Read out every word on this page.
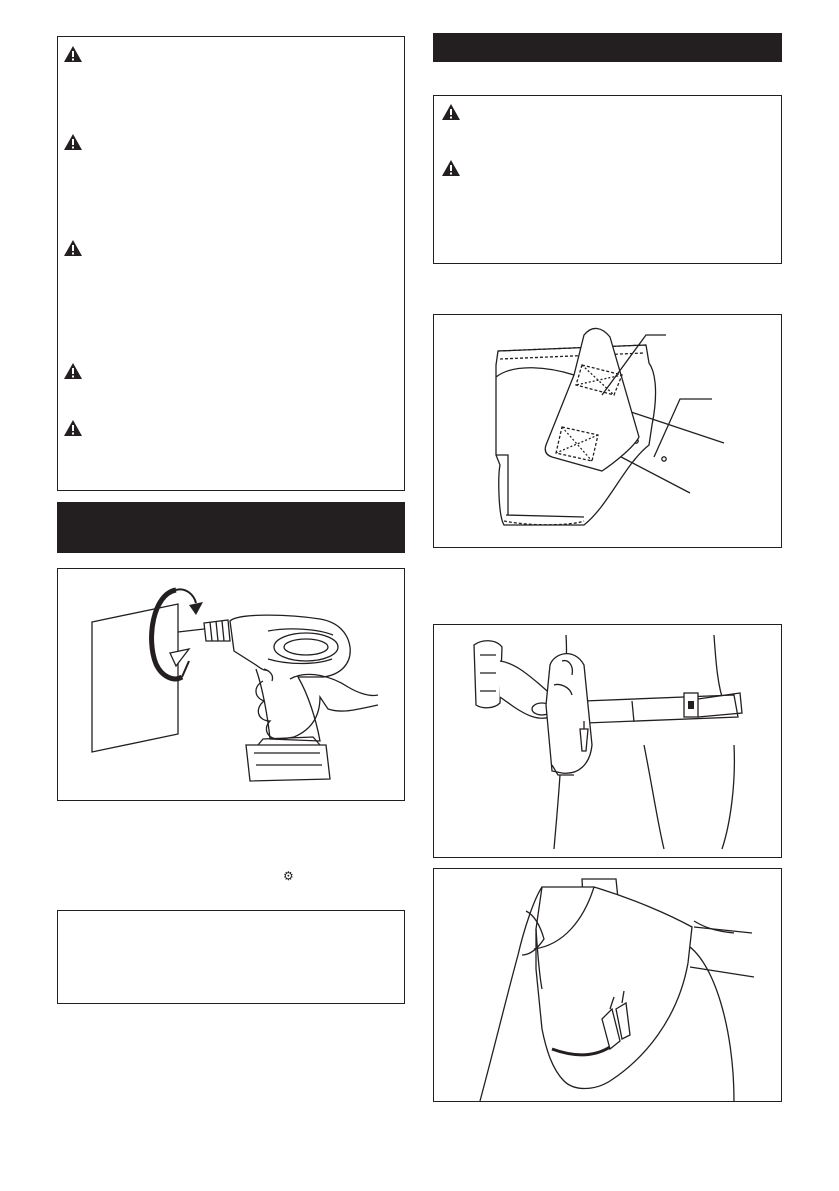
⚙
